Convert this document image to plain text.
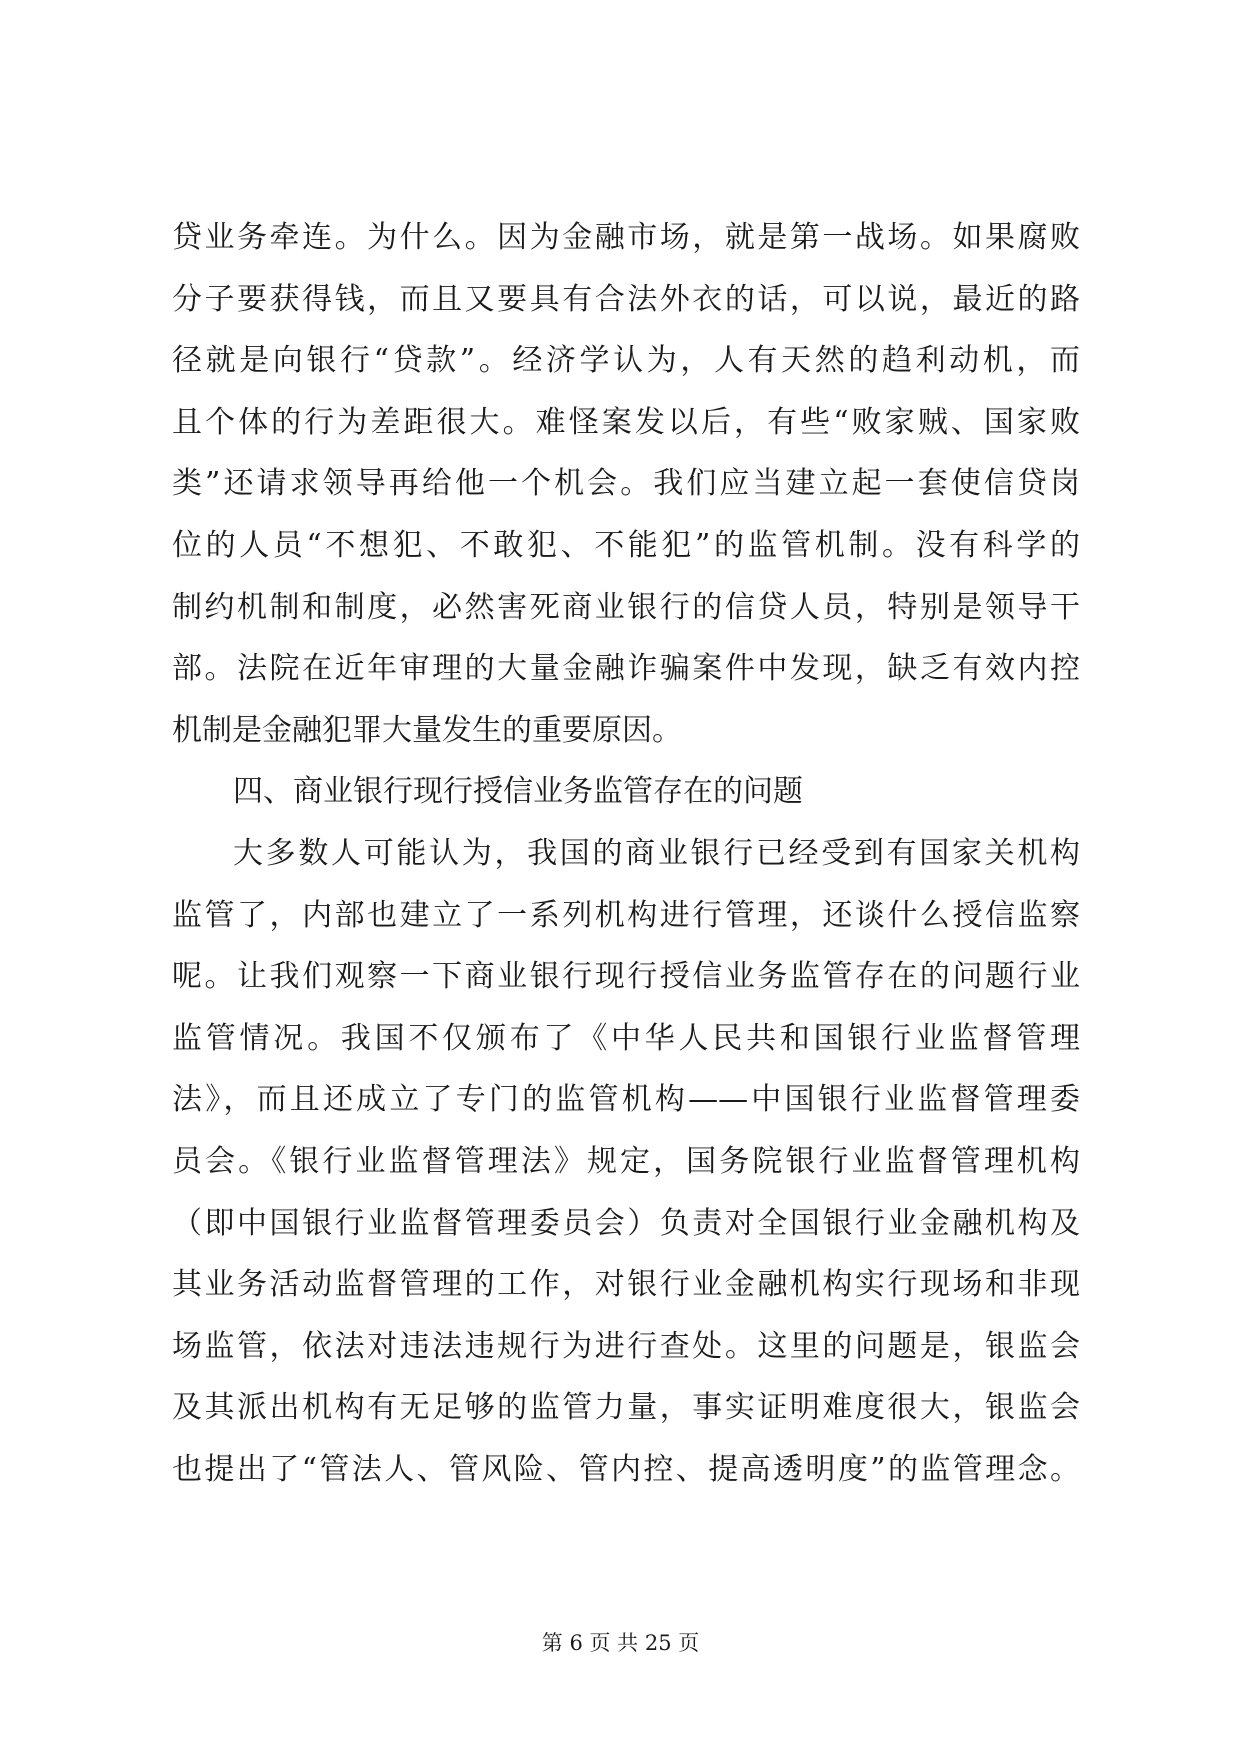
贷业务牵连。为什么。因为金融市场，就是第一战场。如果腐败
分子要获得钱，而且又要具有合法外衣的话，可以说，最近的路
径就是向银行“贷款”。经济学认为，人有天然的趋利动机，而
且个体的行为差距很大。难怪案发以后，有些“败家贼、国家败
类”还请求领导再给他一个机会。我们应当建立起一套使信贷岗
位的人员“不想犯、不敢犯、不能犯”的监管机制。没有科学的
制约机制和制度，必然害死商业银行的信贷人员，特别是领导干
部。法院在近年审理的大量金融诈骗案件中发现，缺乏有效内控
机制是金融犯罪大量发生的重要原因。
四、商业银行现行授信业务监管存在的问题
大多数人可能认为，我国的商业银行已经受到有国家关机构
监管了，内部也建立了一系列机构进行管理，还谈什么授信监察
呢。让我们观察一下商业银行现行授信业务监管存在的问题行业
监管情况。我国不仅颁布了《中华人民共和国银行业监督管理
法》，而且还成立了专门的监管机构——中国银行业监督管理委
员会。《银行业监督管理法》规定，国务院银行业监督管理机构
（即中国银行业监督管理委员会）负责对全国银行业金融机构及
其业务活动监督管理的工作，对银行业金融机构实行现场和非现
场监管，依法对违法违规行为进行查处。这里的问题是，银监会
及其派出机构有无足够的监管力量，事实证明难度很大，银监会
也提出了“管法人、管风险、管内控、提高透明度”的监管理念。
第 6 页 共 25 页
